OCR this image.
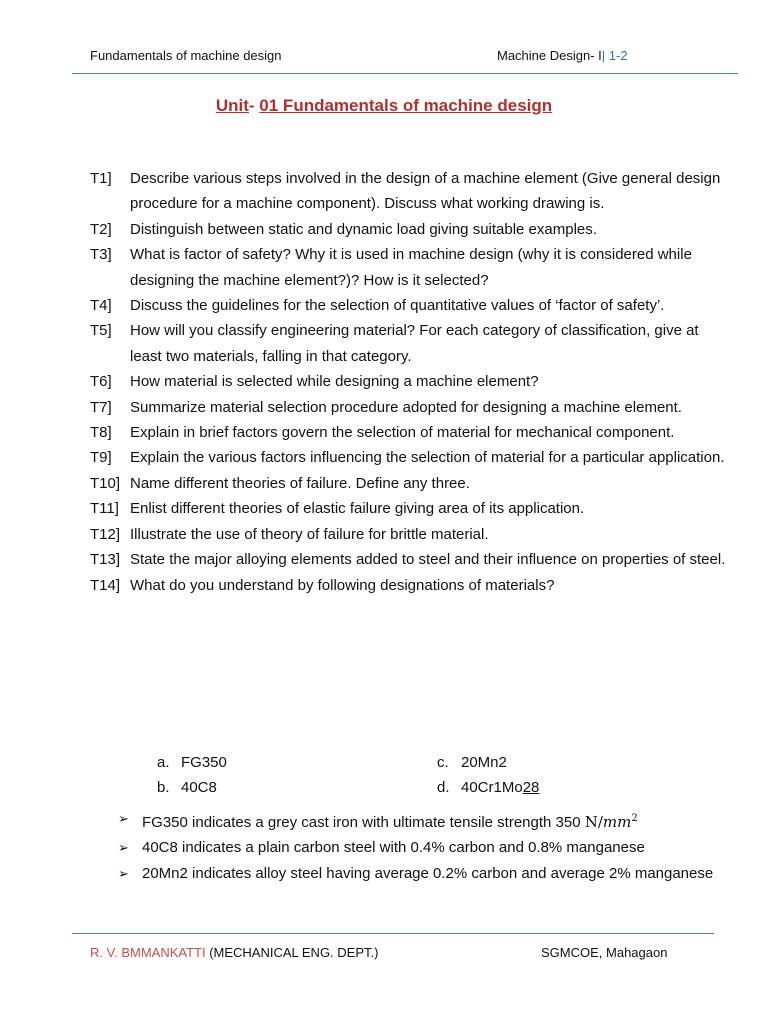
Fundamentals of machine design	Machine Design- I| 1-2
Unit- 01 Fundamentals of machine design
T1]	Describe various steps involved in the design of a machine element (Give general design procedure for a machine component). Discuss what working drawing is.
T2]	Distinguish between static and dynamic load giving suitable examples.
T3]	What is factor of safety? Why it is used in machine design (why it is considered while designing the machine element?)? How is it selected?
T4]	Discuss the guidelines for the selection of quantitative values of ‘factor of safety’.
T5]	How will you classify engineering material? For each category of classification, give at least two materials, falling in that category.
T6]	How material is selected while designing a machine element?
T7]	Summarize material selection procedure adopted for designing a machine element.
T8]	Explain in brief factors govern the selection of material for mechanical component.
T9]	Explain the various factors influencing the selection of material for a particular application.
T10] Name different theories of failure. Define any three.
T11] Enlist different theories of elastic failure giving area of its application.
T12] Illustrate the use of theory of failure for brittle material.
T13] State the major alloying elements added to steel and their influence on properties of steel.
T14] What do you understand by following designations of materials?
a. FG350	c. 20Mn2
b. 40C8	d. 40Cr1Mo28
➢ FG350 indicates a grey cast iron with ultimate tensile strength 350 $N/mm^2$
➢ 40C8 indicates a plain carbon steel with 0.4% carbon and 0.8% manganese
➢ 20Mn2 indicates alloy steel having average 0.2% carbon and average 2% manganese
R. V. BMMANKATTI (MECHANICAL ENG. DEPT.)	SGMCOE, Mahagaon
